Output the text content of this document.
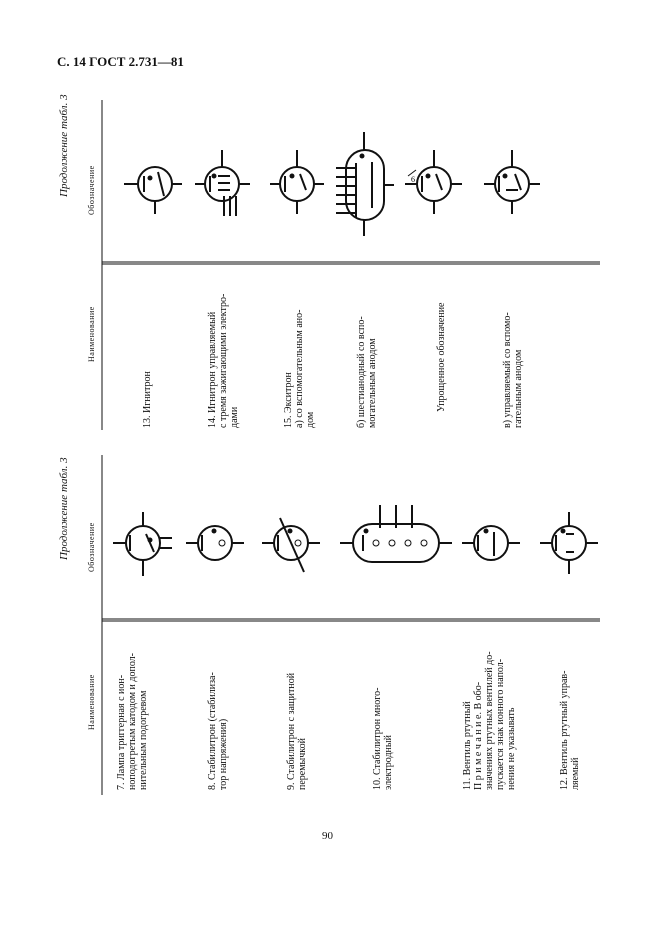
С. 14 ГОСТ 2.731—81
6
Продолжение табл. 3 Обозначение
Наименование
13. Игнитрон	14. Игнитрон управляемый с тремя зажигающими электро- дами	15. Экситрон а) со вспомогательным ано- дом	б) шестианодный со вспо- могательным анодом	Упрощенное обозначение	в) управляемый со вспомо- гательным анодом
Продолжение табл. 3 Обозначение
Наименование 7. Лампа триггерная с ион- ноподогретым катодом и допол- нительным подогревом	8. Стабилитрон (стабилиза- тор напряжения)	9. Стабилитрон с защитной перемычкой	10. Стабилитрон много- электродный	11. Вентиль ртутный П р и м е ч а н и е. В обо- значениях ртутных вентилей до- пускается знак ионного напол- нения не указывать	12. Вентиль ртутный управ- ляемый
90
